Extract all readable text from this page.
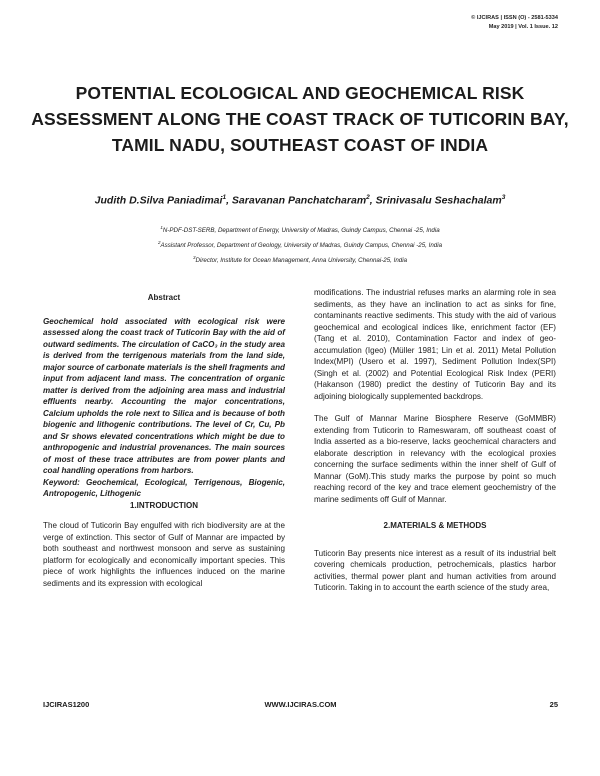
© IJCIRAS | ISSN (O) - 2581-5334
May 2019 | Vol. 1 Issue. 12
POTENTIAL ECOLOGICAL AND GEOCHEMICAL RISK ASSESSMENT ALONG THE COAST TRACK OF TUTICORIN BAY, TAMIL NADU, SOUTHEAST COAST OF INDIA
Judith D.Silva Paniadimai$^1$, Saravanan Panchatcharam$^2$, Srinivasalu Seshachalam$^3$
$^1$N-PDF-DST-SERB, Department of Energy, University of Madras, Guindy Campus, Chennai -25, India
$^2$Assistant Professor, Department of Geology, University of Madras, Guindy Campus, Chennai -25, India
$^3$Director, Institute for Ocean Management, Anna University, Chennai-25, India
Abstract

Geochemical hold associated with ecological risk were assessed along the coast track of Tuticorin Bay with the aid of outward sediments. The circulation of CaCO₃ in the study area is derived from the terrigenous materials from the land side, major source of carbonate materials is the shell fragments and input from adjacent land mass. The concentration of organic matter is derived from the adjoining area mass and industrial effluents nearby. Accounting the major concentrations, Calcium upholds the role next to Silica and is because of both biogenic and lithogenic contributions. The level of Cr, Cu, Pb and Sr shows elevated concentrations which might be due to anthropogenic and industrial provenances. The main sources of most of these trace attributes are from power plants and coal handling operations from harbors.

Keyword: Geochemical, Ecological, Terrigenous, Biogenic, Antropogenic, Lithogenic

1.INTRODUCTION

The cloud of Tuticorin Bay engulfed with rich biodiversity are at the verge of extinction. This sector of Gulf of Mannar are impacted by both southeast and northwest monsoon and serve as sustaining platform for ecologically and economically important species. This piece of work highlights the influences induced on the marine sediments and its expression with ecological

modifications. The industrial refuses marks an alarming role in sea sediments, as they have an inclination to act as sinks for fine, contaminants reactive sediments. This study with the aid of various geochemical and ecological indices like, enrichment factor (EF) (Tang et al. 2010), Contamination Factor and index of geo-accumulation (Igeo) (Müller 1981; Lin et al. 2011) Metal Pollution Index(MPI) (Usero et al. 1997), Sediment Pollution Index(SPI) (Singh et al. (2002) and Potential Ecological Risk Index (PERI) (Hakanson (1980) predict the destiny of Tuticorin Bay and its adjoining biologically supplemented backdrops.

The Gulf of Mannar Marine Biosphere Reserve (GoMMBR) extending from Tuticorin to Rameswaram, off southeast coast of India asserted as a bio-reserve, lacks geochemical characters and elaborate description in relevancy with the ecological proxies concerning the surface sediments within the inner shelf of Gulf of Mannar (GoM).This study marks the purpose by point so much reaching record of the key and trace element geochemistry of the marine sediments off Gulf of Mannar.

2.MATERIALS & METHODS

Tuticorin Bay presents nice interest as a result of its industrial belt covering chemicals production, petrochemicals, plastics harbor activities, thermal power plant and human activities from around Tuticorin. Taking in to account the earth science of the study area,

IJCIRAS1200	WWW.IJCIRAS.COM	25
